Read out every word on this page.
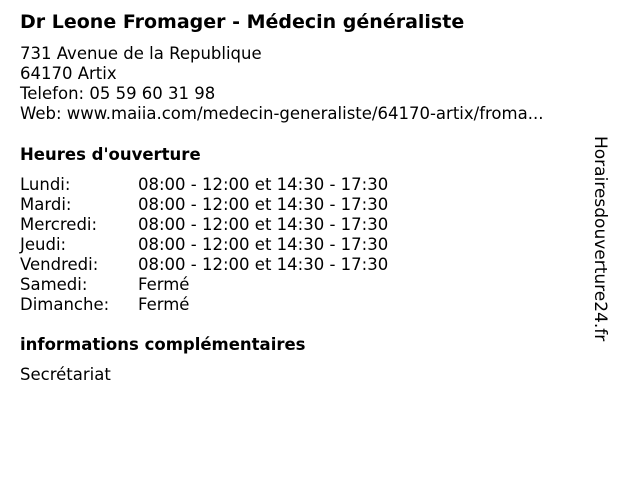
Dr Leone Fromager - Médecin généraliste
731 Avenue de la Republique
64170 Artix
Telefon: 05 59 60 31 98
Web: www.maiia.com/medecin-generaliste/64170-artix/froma...
Heures d'ouverture
Lundi:	08:00 - 12:00 et 14:30 - 17:30
Mardi:	08:00 - 12:00 et 14:30 - 17:30
Mercredi: 08:00 - 12:00 et 14:30 - 17:30
Jeudi:	08:00 - 12:00 et 14:30 - 17:30
Vendredi: 08:00 - 12:00 et 14:30 - 17:30
Samedi:	Fermé
Dimanche: Fermé
informations complémentaires
Secrétariat
Horairesdouverture24.fr
